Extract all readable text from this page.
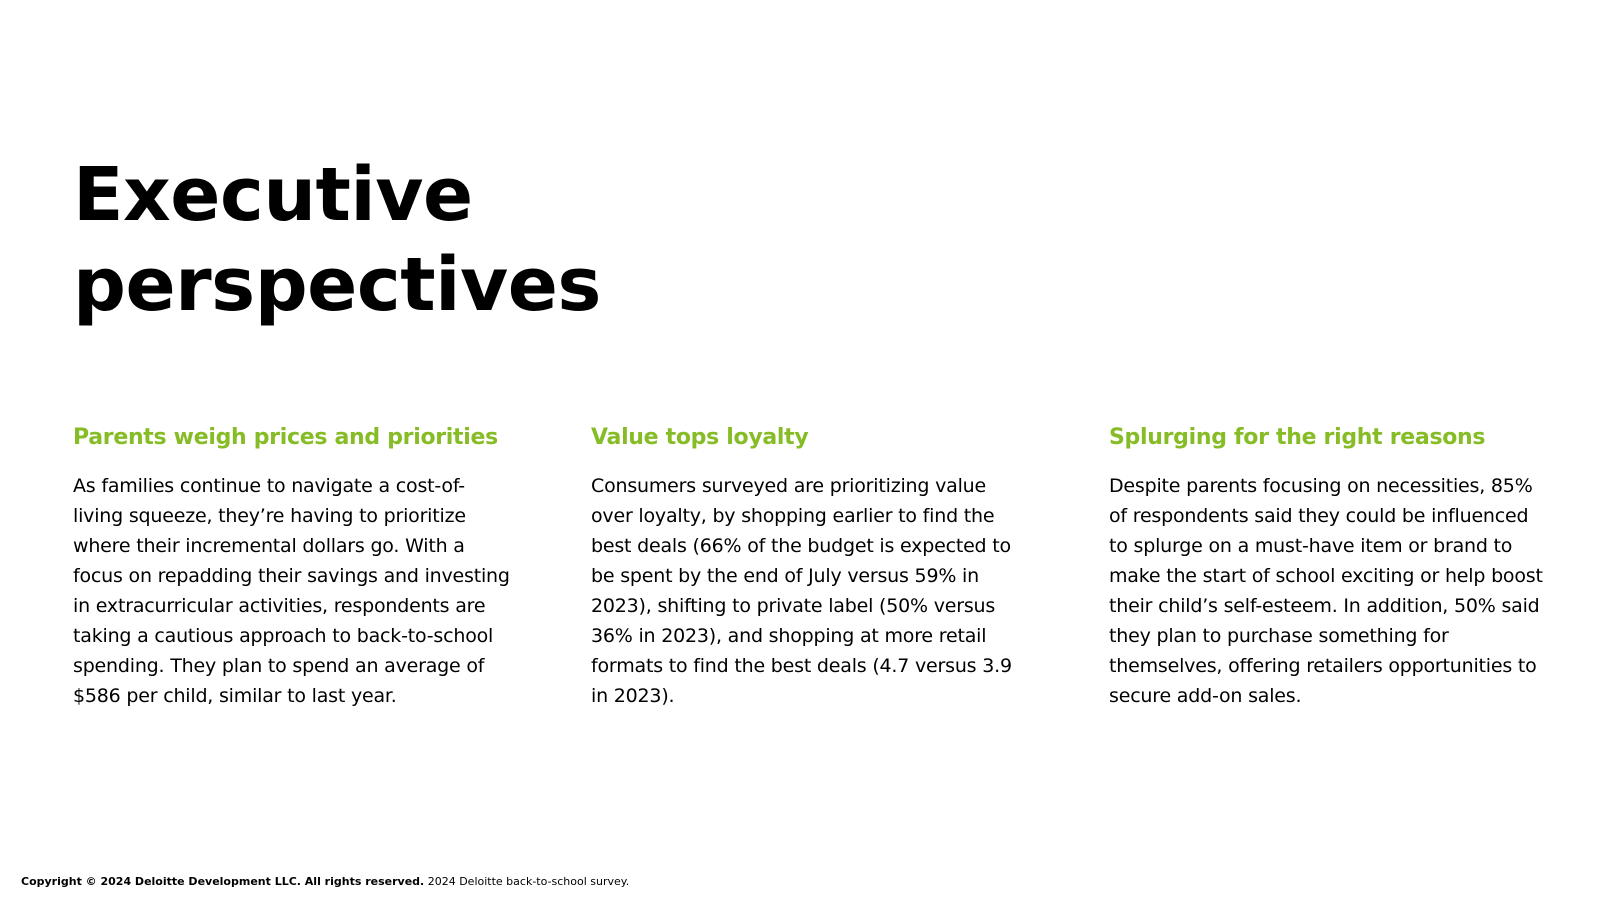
Executive perspectives
Parents weigh prices and priorities

As families continue to navigate a cost-of-living squeeze, they’re having to prioritize where their incremental dollars go. With a focus on repadding their savings and investing in extracurricular activities, respondents are taking a cautious approach to back-to-school spending. They plan to spend an average of $586 per child, similar to last year.

Value tops loyalty

Consumers surveyed are prioritizing value over loyalty, by shopping earlier to find the best deals (66% of the budget is expected to be spent by the end of July versus 59% in 2023), shifting to private label (50% versus 36% in 2023), and shopping at more retail formats to find the best deals (4.7 versus 3.9 in 2023).

Splurging for the right reasons

Despite parents focusing on necessities, 85% of respondents said they could be influenced to splurge on a must-have item or brand to make the start of school exciting or help boost their child’s self-esteem. In addition, 50% said they plan to purchase something for themselves, offering retailers opportunities to secure add-on sales.

Copyright © 2024 Deloitte Development LLC. All rights reserved. 2024 Deloitte back-to-school survey.
